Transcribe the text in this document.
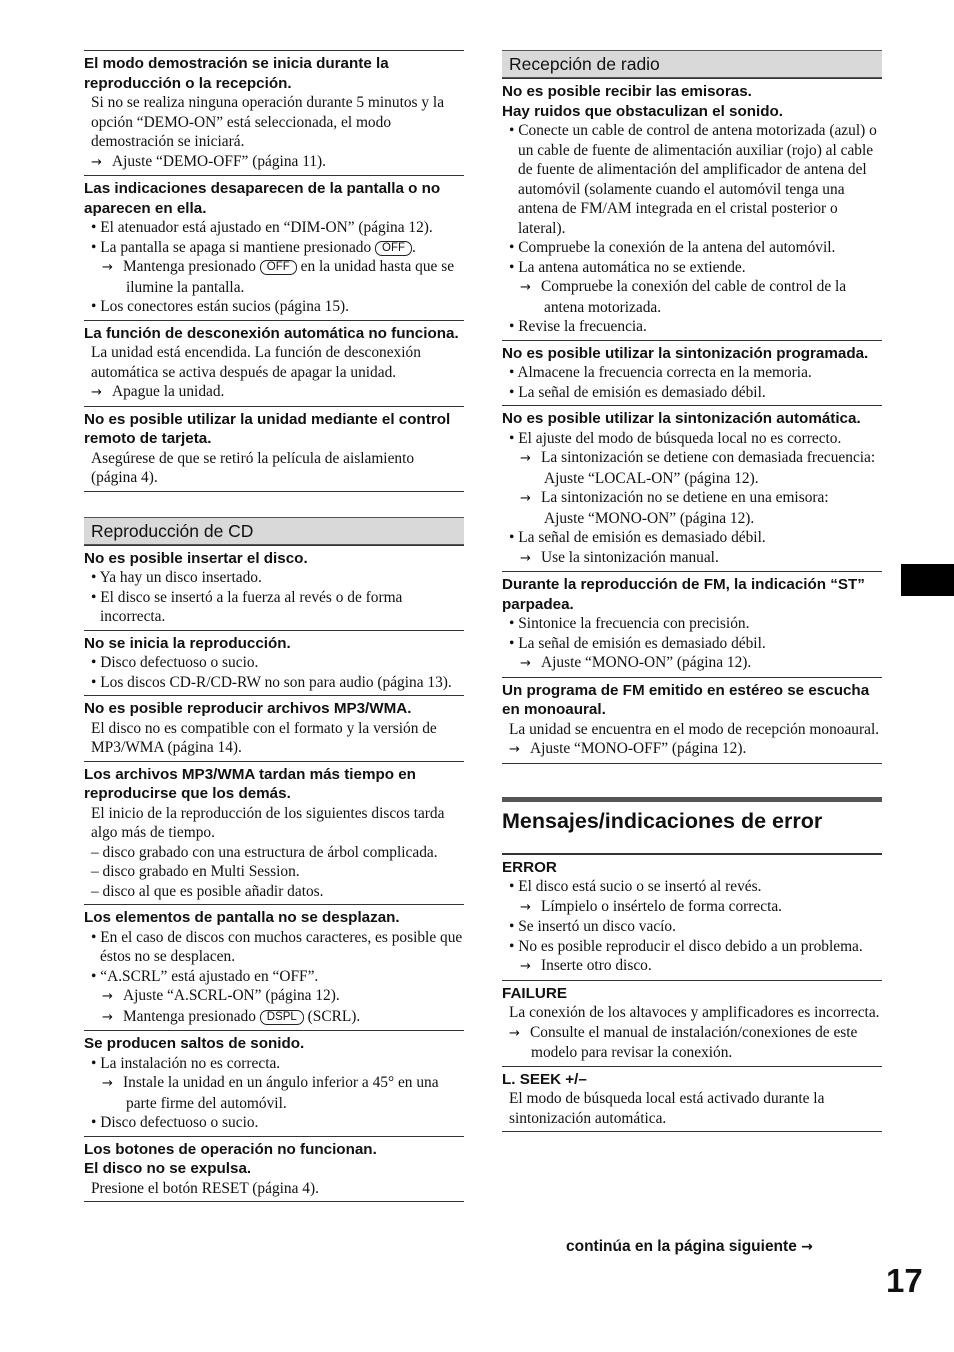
El modo demostración se inicia durante la reproducción o la recepción.
Si no se realiza ninguna operación durante 5 minutos y la opción “DEMO-ON” está seleccionada, el modo demostración se iniciará.
→ Ajuste “DEMO-OFF” (página 11).
Las indicaciones desaparecen de la pantalla o no aparecen en ella.
• El atenuador está ajustado en “DIM-ON” (página 12).
• La pantalla se apaga si mantiene presionado OFF .
→ Mantenga presionado OFF en la unidad hasta que se ilumine la pantalla.
• Los conectores están sucios (página 15).
La función de desconexión automática no funciona.
La unidad está encendida. La función de desconexión automática se activa después de apagar la unidad.
→ Apague la unidad.
No es posible utilizar la unidad mediante el control remoto de tarjeta.
Asegúrese de que se retiró la película de aislamiento (página 4).
Reproducción de CD
No es posible insertar el disco.
• Ya hay un disco insertado.
• El disco se insertó a la fuerza al revés o de forma incorrecta.
No se inicia la reproducción.
• Disco defectuoso o sucio.
• Los discos CD-R/CD-RW no son para audio (página 13).
No es posible reproducir archivos MP3/WMA.
El disco no es compatible con el formato y la versión de MP3/WMA (página 14).
Los archivos MP3/WMA tardan más tiempo en reproducirse que los demás.
El inicio de la reproducción de los siguientes discos tarda algo más de tiempo.
– disco grabado con una estructura de árbol complicada.
– disco grabado en Multi Session.
– disco al que es posible añadir datos.
Los elementos de pantalla no se desplazan.
• En el caso de discos con muchos caracteres, es posible que éstos no se desplacen.
• “A.SCRL” está ajustado en “OFF”.
→ Ajuste “A.SCRL-ON” (página 12).
→ Mantenga presionado DSPL (SCRL).
Se producen saltos de sonido.
• La instalación no es correcta.
→ Instale la unidad en un ángulo inferior a 45° en una parte firme del automóvil.
• Disco defectuoso o sucio.
Los botones de operación no funcionan.
El disco no se expulsa.
Presione el botón RESET (página 4).
Recepción de radio
No es posible recibir las emisoras.
Hay ruidos que obstaculizan el sonido.
• Conecte un cable de control de antena motorizada (azul) o un cable de fuente de alimentación auxiliar (rojo) al cable de fuente de alimentación del amplificador de antena del automóvil (solamente cuando el automóvil tenga una antena de FM/AM integrada en el cristal posterior o lateral).
• Compruebe la conexión de la antena del automóvil.
• La antena automática no se extiende.
→ Compruebe la conexión del cable de control de la antena motorizada.
• Revise la frecuencia.
No es posible utilizar la sintonización programada.
• Almacene la frecuencia correcta en la memoria.
• La señal de emisión es demasiado débil.
No es posible utilizar la sintonización automática.
• El ajuste del modo de búsqueda local no es correcto.
→ La sintonización se detiene con demasiada frecuencia:
Ajuste “LOCAL-ON” (página 12).
→ La sintonización no se detiene en una emisora:
Ajuste “MONO-ON” (página 12).
• La señal de emisión es demasiado débil.
→ Use la sintonización manual.
Durante la reproducción de FM, la indicación “ST” parpadea.
• Sintonice la frecuencia con precisión.
• La señal de emisión es demasiado débil.
→ Ajuste “MONO-ON” (página 12).
Un programa de FM emitido en estéreo se escucha en monoaural.
La unidad se encuentra en el modo de recepción monoaural.
→ Ajuste “MONO-OFF” (página 12).
Mensajes/indicaciones de error
ERROR
• El disco está sucio o se insertó al revés.
→ Límpielo o insértelo de forma correcta.
• Se insertó un disco vacío.
• No es posible reproducir el disco debido a un problema.
→ Inserte otro disco.
FAILURE
La conexión de los altavoces y amplificadores es incorrecta.
→ Consulte el manual de instalación/conexiones de este modelo para revisar la conexión.
L. SEEK +/–
El modo de búsqueda local está activado durante la sintonización automática.
continúa en la página siguiente →
17
